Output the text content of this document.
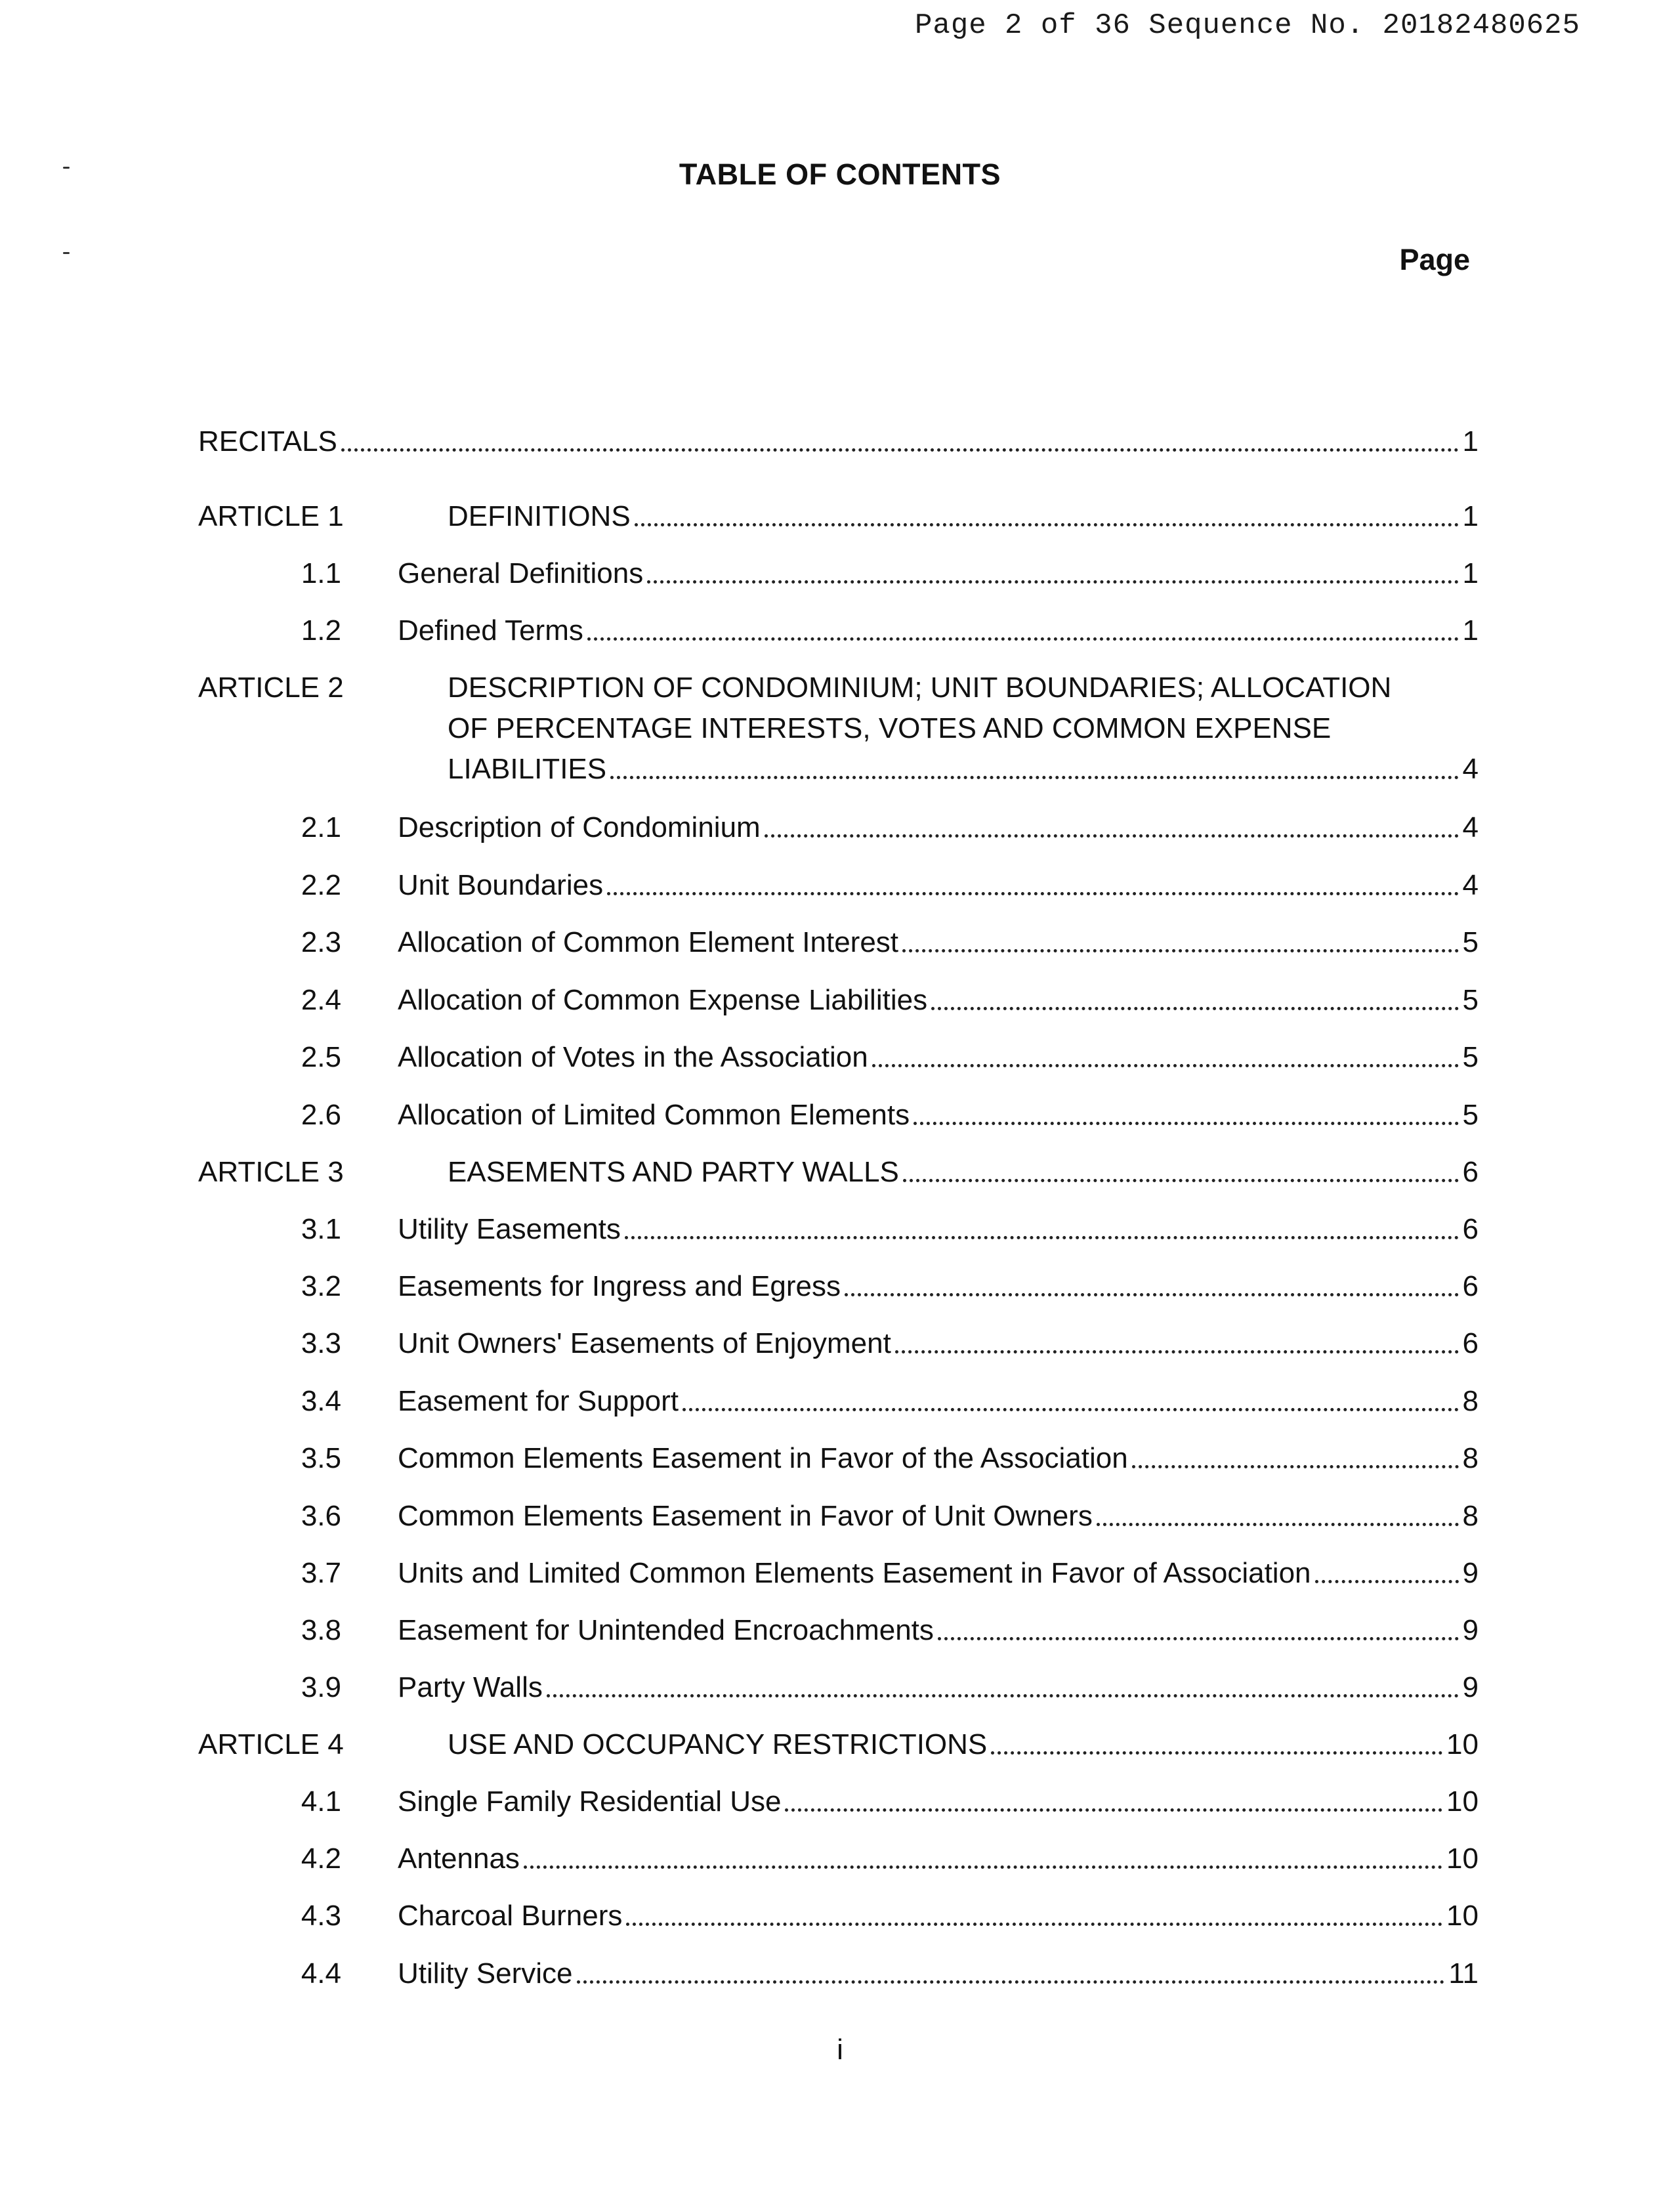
Page 2 of 36 Sequence No. 20182480625
TABLE OF CONTENTS
Page
RECITALS	1
ARTICLE 1	DEFINITIONS	1
1.1 General Definitions	1
1.2 Defined Terms	1
ARTICLE 2	DESCRIPTION OF CONDOMINIUM; UNIT BOUNDARIES; ALLOCATION
OF PERCENTAGE INTERESTS, VOTES AND COMMON EXPENSE
LIABILITIES	4
2.1 Description of Condominium	4
2.2 Unit Boundaries	4
2.3 Allocation of Common Element Interest	5
2.4 Allocation of Common Expense Liabilities	5
2.5 Allocation of Votes in the Association	5
2.6 Allocation of Limited Common Elements	5
ARTICLE 3	EASEMENTS AND PARTY WALLS	6
3.1 Utility Easements	6
3.2 Easements for Ingress and Egress	6
3.3 Unit Owners' Easements of Enjoyment	6
3.4 Easement for Support	8
3.5 Common Elements Easement in Favor of the Association	8
3.6 Common Elements Easement in Favor of Unit Owners	8
3.7 Units and Limited Common Elements Easement in Favor of Association	9
3.8 Easement for Unintended Encroachments	9
3.9 Party Walls	9
ARTICLE 4	USE AND OCCUPANCY RESTRICTIONS	10
4.1 Single Family Residential Use	10
4.2 Antennas	10
4.3 Charcoal Burners	10
4.4 Utility Service	11
i
